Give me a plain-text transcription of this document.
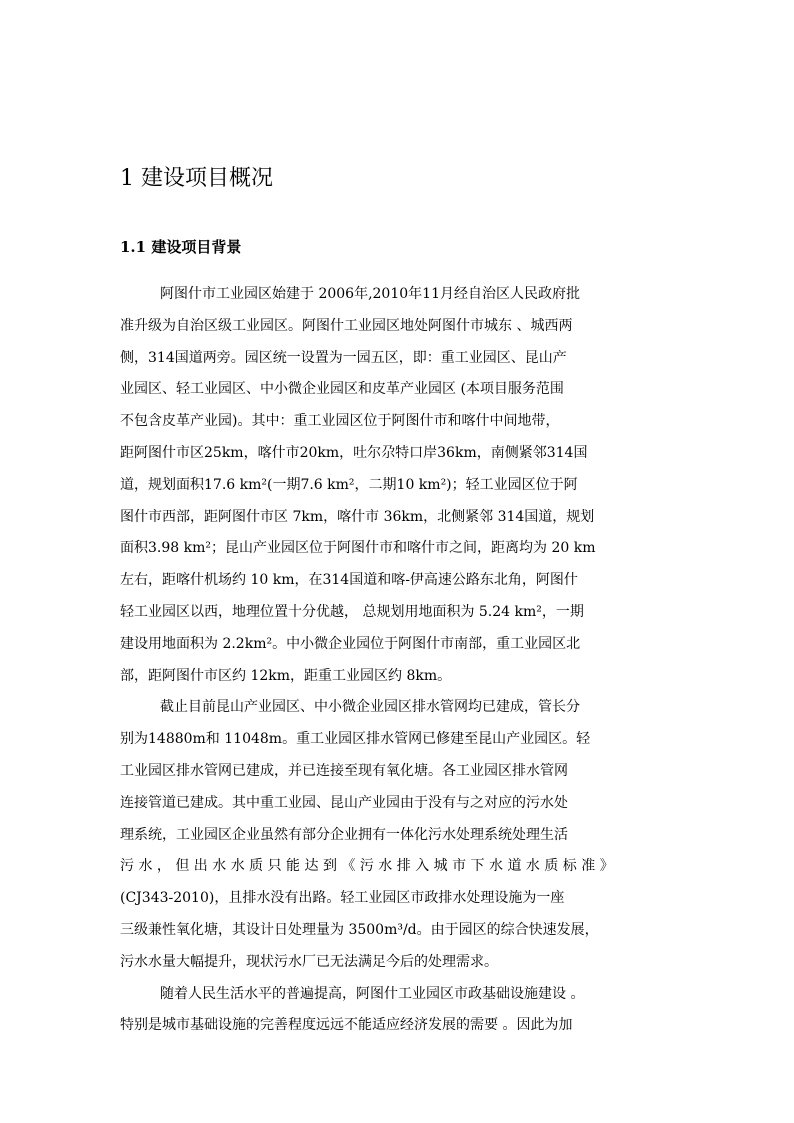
1 建设项目概况
1.1 建设项目背景
阿图什市工业园区始建于 2006年,2010年11月经自治区人民政府批
准升级为自治区级工业园区。阿图什工业园区地处阿图什市城东 、城西两
侧，314国道两旁。园区统一设置为一园五区，即：重工业园区、昆山产
业园区、轻工业园区、中小微企业园区和皮革产业园区 (本项目服务范围
不包含皮革产业园)。其中：重工业园区位于阿图什市和喀什中间地带，
距阿图什市区25km，喀什市20km，吐尔尕特口岸36km，南侧紧邻314国
道，规划面积17.6 km²(一期7.6 km²，二期10 km²)；轻工业园区位于阿
图什市西部，距阿图什市区 7km，喀什市 36km，北侧紧邻 314国道，规划
面积3.98 km²；昆山产业园区位于阿图什市和喀什市之间，距离均为 20 km
左右，距喀什机场约 10 km，在314国道和喀-伊高速公路东北角，阿图什
轻工业园区以西，地理位置十分优越， 总规划用地面积为 5.24 km²，一期
建设用地面积为 2.2km²。中小微企业园位于阿图什市南部，重工业园区北
部，距阿图什市区约 12km，距重工业园区约 8km。
截止目前昆山产业园区、中小微企业园区排水管网均已建成，管长分
别为14880m和 11048m。重工业园区排水管网已修建至昆山产业园区。轻
工业园区排水管网已建成，并已连接至现有氧化塘。各工业园区排水管网
连接管道已建成。其中重工业园、昆山产业园由于没有与之对应的污水处
理系统，工业园区企业虽然有部分企业拥有一体化污水处理系统处理生活
污 水 ， 但 出 水 水 质 只 能 达 到 《 污 水 排 入 城 市 下 水 道 水 质 标 准 》
(CJ343-2010)，且排水没有出路。轻工业园区市政排水处理设施为一座
三级兼性氧化塘，其设计日处理量为 3500m³/d。由于园区的综合快速发展，
污水水量大幅提升，现状污水厂已无法满足今后的处理需求。
随着人民生活水平的普遍提高，阿图什工业园区市政基础设施建设 。
特别是城市基础设施的完善程度远远不能适应经济发展的需要 。因此为加
